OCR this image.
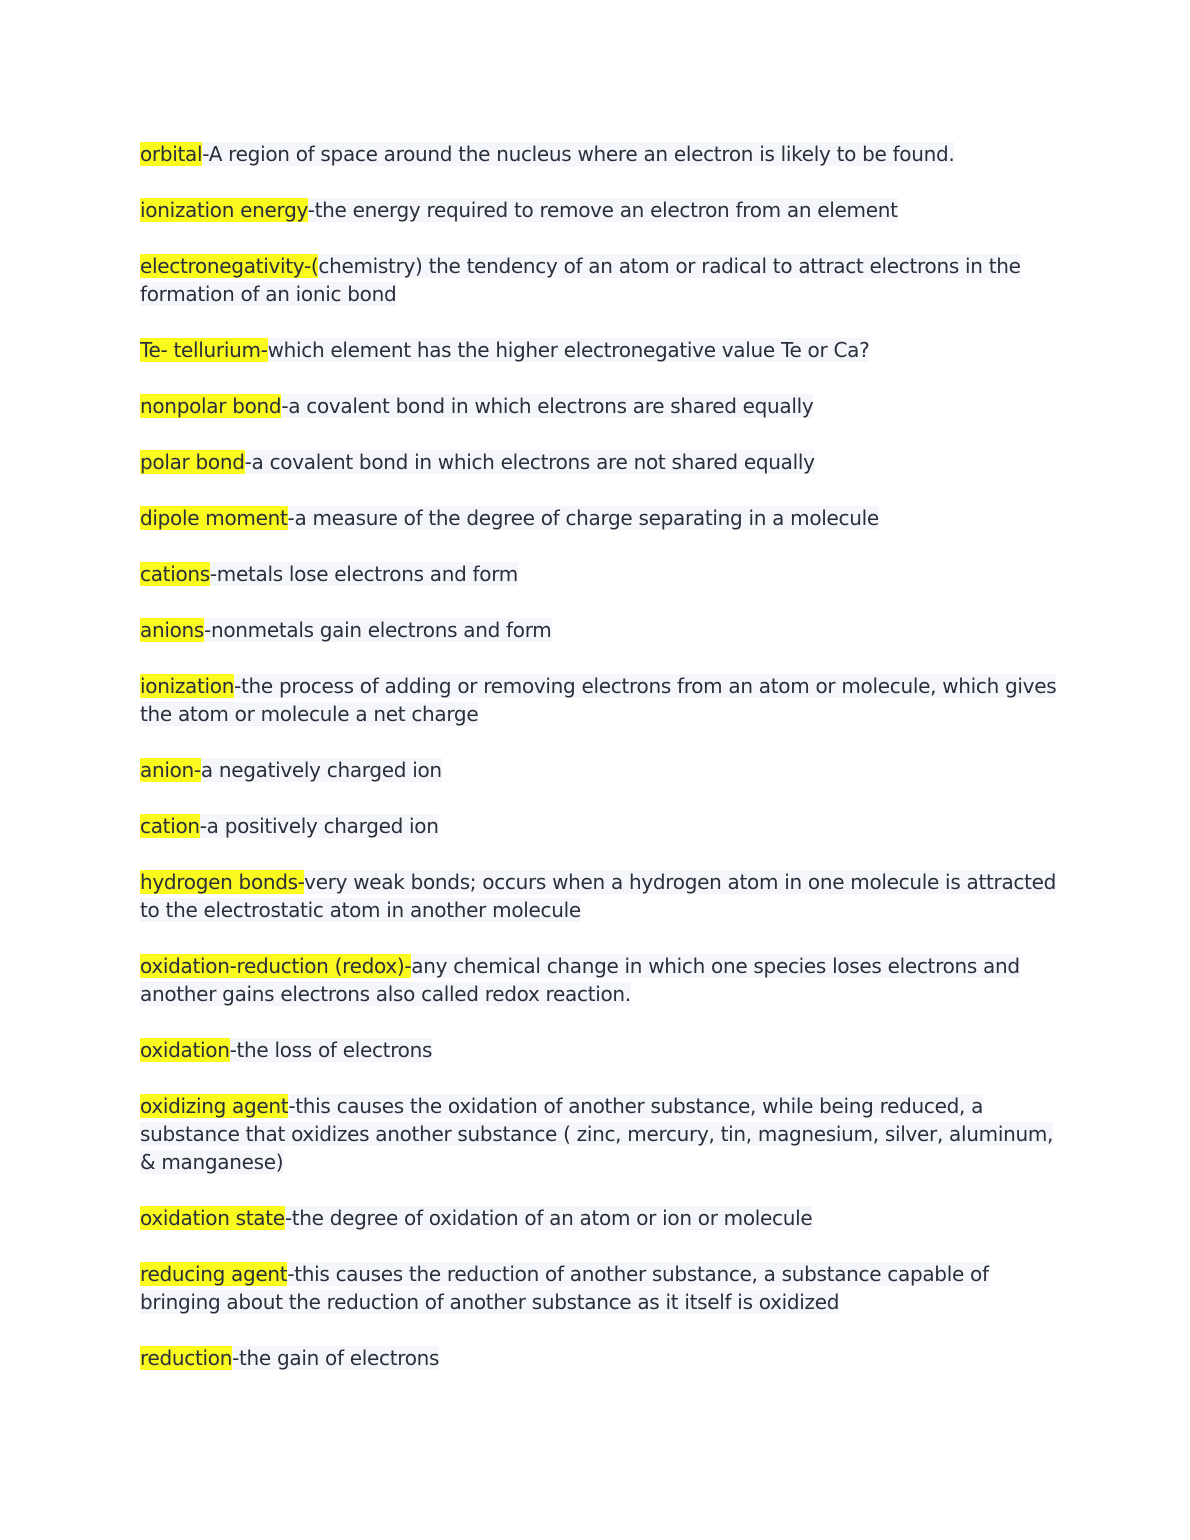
orbital-A region of space around the nucleus where an electron is likely to be found.

ionization energy-the energy required to remove an electron from an element

electronegativity-(chemistry) the tendency of an atom or radical to attract electrons in the formation of an ionic bond

Te- tellurium-which element has the higher electronegative value Te or Ca?

nonpolar bond-a covalent bond in which electrons are shared equally

polar bond-a covalent bond in which electrons are not shared equally

dipole moment-a measure of the degree of charge separating in a molecule

cations-metals lose electrons and form

anions-nonmetals gain electrons and form

ionization-the process of adding or removing electrons from an atom or molecule, which gives the atom or molecule a net charge

anion-a negatively charged ion

cation-a positively charged ion

hydrogen bonds-very weak bonds; occurs when a hydrogen atom in one molecule is attracted to the electrostatic atom in another molecule

oxidation-reduction (redox)-any chemical change in which one species loses electrons and another gains electrons also called redox reaction.

oxidation-the loss of electrons

oxidizing agent-this causes the oxidation of another substance, while being reduced, a substance that oxidizes another substance ( zinc, mercury, tin, magnesium, silver, aluminum, & manganese)

oxidation state-the degree of oxidation of an atom or ion or molecule

reducing agent-this causes the reduction of another substance, a substance capable of bringing about the reduction of another substance as it itself is oxidized

reduction-the gain of electrons
